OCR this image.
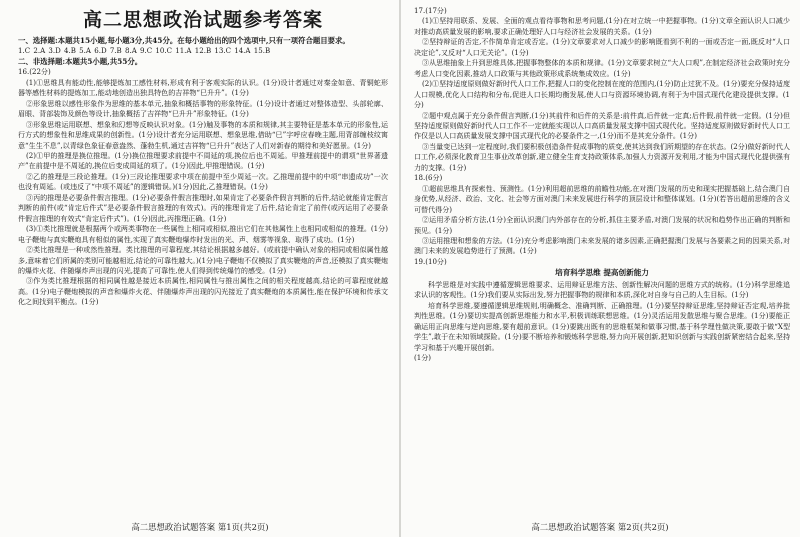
高二思想政治试题参考答案

一、选择题:本题共15小题,每小题3分,共45分。在每小题给出的四个选项中,只有一项符合题目要求。

1.C 2.A 3.D 4.B 5.A 6.D 7.B 8.A 9.C 10.C 11.A 12.B 13.C 14.A 15.B

二、非选择题:本题共5小题,共55分。

16.(22分)

(1)①思维具有能动性,能够提炼加工感性材料,形成有利于客观实际的认识。(1分)设计者通过对秦金如意、青铜蛇形器等感性材料的提炼加工,能动地创造出独具特色的吉祥物“巳升升”。(1分)

②形象思维以感性形象作为思维的基本单元,抽象和概括事物的形象特征。(1分)设计者通过对整体造型、头部轮廓、眉眼、背部装饰及颜色等设计,抽象概括了吉祥物“巳升升”形象特征。(1分)

③形象思维运用联想、想象和幻想等反映认识对象。(1分)触及事物的本质和规律,其主要特征是基本单元的形象性,运行方式的想象性和思维成果的创新性。(1分)设计者充分运用联想、想象思维,借助“巳”字呼应春晚主题,用背部缠枝纹寓意“生生不息”,以青绿色象征春意盎然、蓬勃生机,通过吉祥物“巳升升”表达了人们对新春的期待和美好愿景。(1分)

(2)①甲的推理是换位推理。(1分)换位推理要求前提中不周延的项,换位后也不周延。甲推理前提中的谓项“世界著遗产”在前提中是不周延的,换位后变成周延的项了。(1分)因此,甲推理错误。(1分)

②乙的推理是三段论推理。(1分)三段论推理要求中项在前提中至少周延一次。乙推理前提中的中项“串遗成功”一次也没有周延。(或违反了“中项不周延”的逻辑错误。)(1分)因此,乙推理错误。(1分)

③丙的推理是必要条件假言推理。(1分)必要条件假言推理时,如果肯定了必要条件假言判断的后件,结论就能肯定假言判断的前件(或“肯定后件式”是必要条件假言推理的有效式)。丙的推理肯定了后件,结论肯定了前件(或丙运用了必要条件假言推理的有效式“肯定后件式”)。(1分)因此,丙推理正确。(1分)

(3)①类比推理就是根据两个或两类事物在一些属性上相同或相似,推出它们在其他属性上也相同或相似的推理。(1分)电子鞭炮与真实鞭炮具有相似的属性,实现了真实鞭炮爆炸时发出的光、声、烟雾等视象、取得了成功。(1分)

②类比推理是一种或然性推理。类比推理的可靠程度,其结论根据越多越好。(或前提中确认对象的相同或相似属性越多,意味着它们所属的类别可能越相近,结论的可靠性越大。)(1分)电子鞭炮不仅模拟了真实鞭炮的声音,还模拟了真实鞭炮的爆炸火花、伴随爆炸声出现的闪光,提高了可靠性,使人们得到传统爆竹的感受。(1分)

③作为类比推理根据的相同属性越是接近本质属性,相同属性与推出属性之间的相关程度越高,结论的可靠程度就越高。(1分)电子鞭炮模拟的声音和爆炸火花、伴随爆炸声出现的闪光接近了真实鞭炮的本质属性,能在保护环境和传承文化之间找到平衡点。(1分)

高二思想政治试题答案 第1页(共2页)

17.(17分)

(1)①坚持用联系、发展、全面的观点看待事物和思考问题,(1分)在对立统一中把握事物。(1分)文章全面认识人口减少对推动高质量发展的影响,要求正确处理好人口与经济社会发展的关系。(1分)

②坚持辩证的否定,不作简单肯定或否定。(1分)文章要求对人口减少的影响既看到不利的一面或否定一面,既反对“人口决定论”,又反对“人口无关论”。(1分)

③从思维抽象上升到思维具体,把握事物整体的本质和规律。(1分)文章要求树立“大人口观”,在制定经济社会政策时充分考虑人口变化因素,推动人口政策与其他政策形成系统集成效应。(1分)

(2)①坚持适度原则做好新时代人口工作,把握人口的变化控制在度的范围内,(1分)防止过犹不及。(1分)要充分保持适度人口规模,优化人口结构和分布,促进人口长期均衡发展,使人口与资源环境协调,有利于为中国式现代化建设提供支撑。(1分)

②题中观点属于充分条件假言判断,(1分)其前件和后件的关系是:前件真,后件就一定真;后件假,前件就一定假。(1分)但坚持适度原则做好新时代人口工作不一定就能实现以人口高质量发展支撑中国式现代化。坚持适度原则做好新时代人口工作仅是以人口高质量发展支撑中国式现代化的必要条件之一,(1分)而不是其充分条件。(1分)

③当量变已达到一定程度时,我们要积极创造条件促成事物的质变,使其达到我们所期望的存在状态。(2分)做好新时代人口工作,必须深化教育卫生事业改革创新,建立健全生育支持政策体系,加强人力资源开发利用,才能为中国式现代化提供强有力的支撑。(1分)

18.(6分)

①超前思维具有探索性、预测性。(1分)利用超前思维的前瞻性功能,在对澳门发展的历史和现实把握基础上,结合澳门自身优势,从经济、政治、文化、社会等方面对澳门未来发展进行科学的顶层设计和整体谋划。(1分)(若答出超前思维的含义可替代得分)

②运用矛盾分析方法,(1分)全面认识澳门内外部存在的分析,抓住主要矛盾,对澳门发展的状况和趋势作出正确的判断和预见。(1分)

③运用推理和想象的方法。(1分)充分考虑影响澳门未来发展的诸多因素,正确把握澳门发展与各要素之间的因果关系,对澳门未来的发展趋势进行了预测。(1分)

19.(10分)

培育科学思维 提高创新能力

科学思维是对实践中遵循逻辑思维要求、运用辩证思维方法、创新性解决问题的思维方式的统称。(1分)科学思维追求认识的客观性。(1分)我们要从实际出发,努力把握事物的规律和本质,深化对自身与自己的人生目标。(1分)

培育科学思维,要遵循逻辑思维规则,明确概念、准确判断、正确推理。(1分)要坚持辩证思维,坚持辩证否定观,培养批判性思维。(1分)要切实提高创新思维能力和水平,积极训练联想思维。(1分)灵活运用发散思维与聚合思维。(1分)要能正确运用正向思维与逆向思维,要有超前意识。(1分)要跳出既有的思维框架和做事习惯,基于科学理性做决策,要敢于做“X型学生”,敢于在未知领域探险。(1分)要不断培养和锻炼科学思维,努力向开展创新,把知识创新与实践创新紧密结合起来,坚持学习和基于兴趣开展创新。

(1分)

高二思想政治试题答案 第2页(共2页)
